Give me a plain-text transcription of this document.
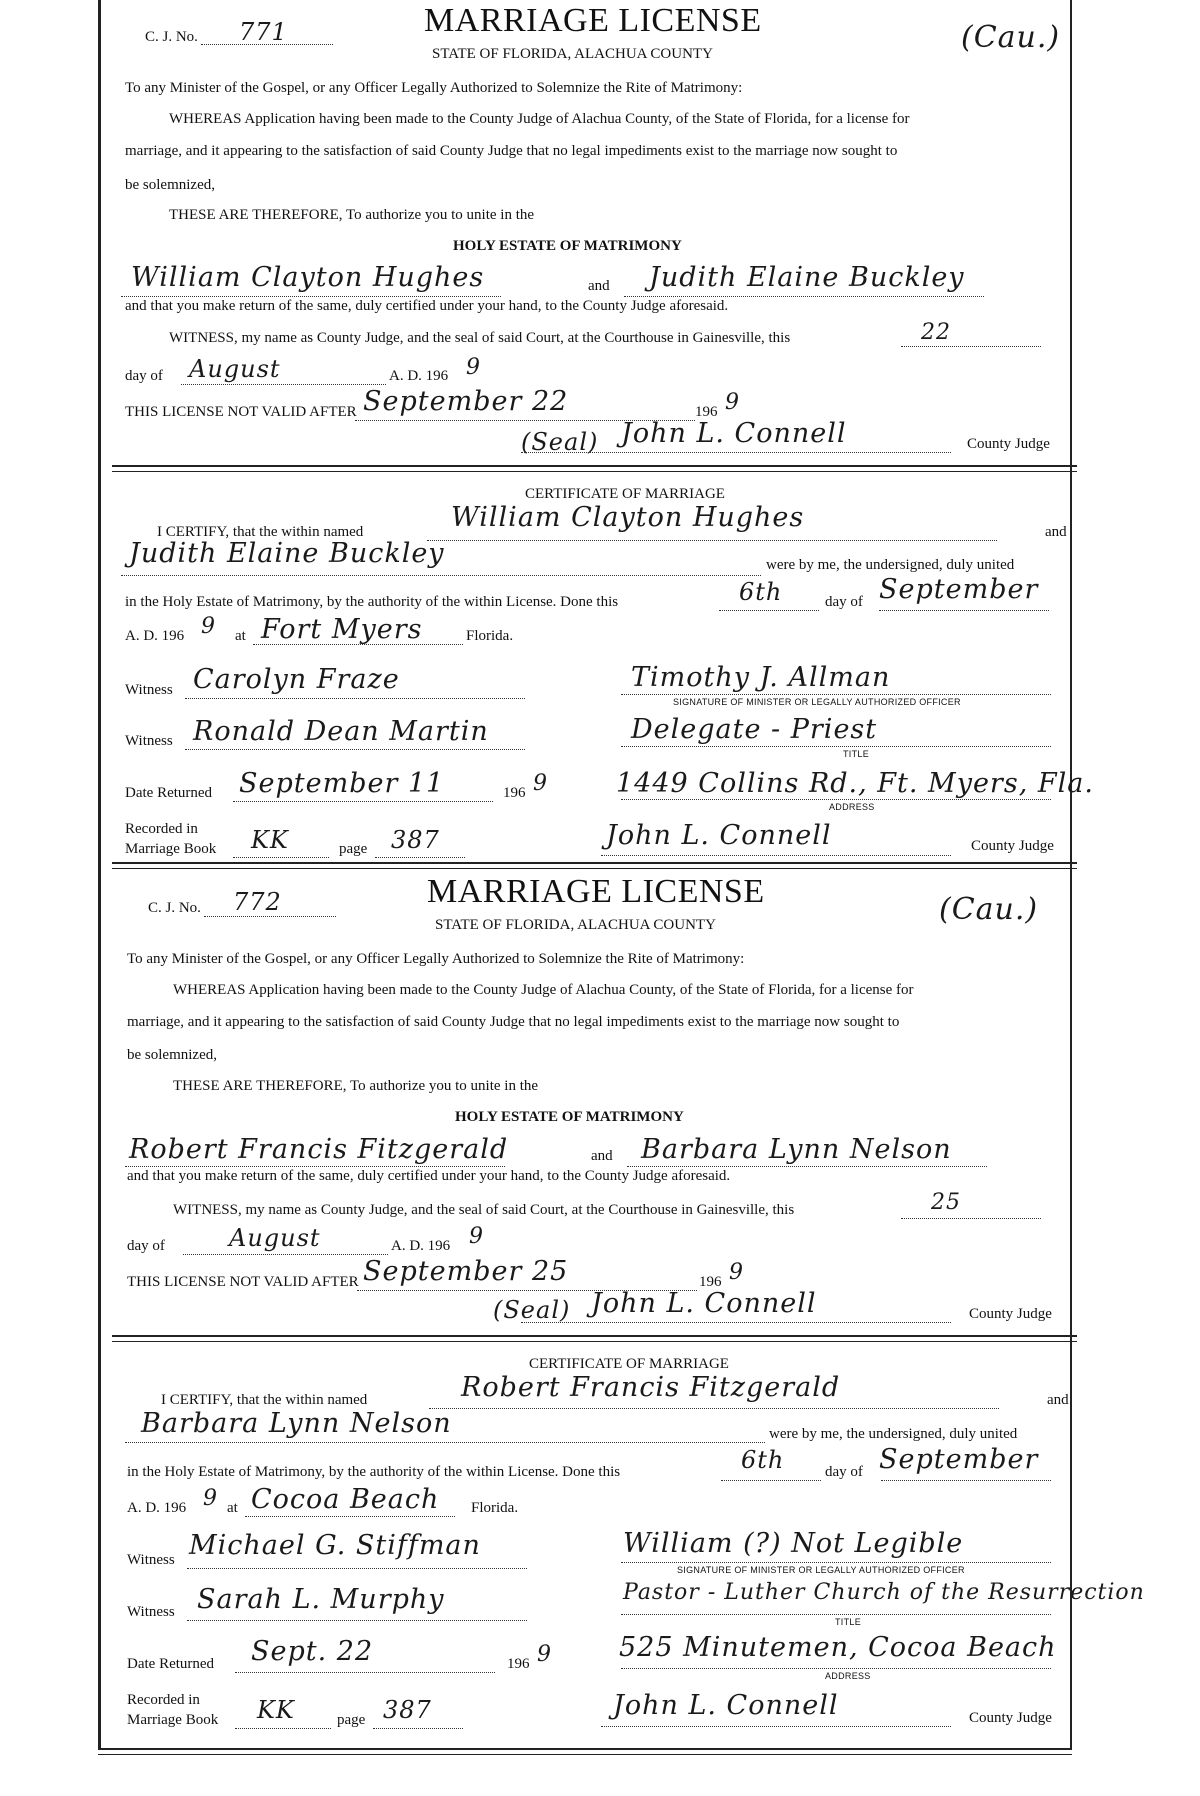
C. J. No. 771	MARRIAGE LICENSE
STATE OF FLORIDA, ALACHUA COUNTY	(Cau.)
To any Minister of the Gospel, or any Officer Legally Authorized to Solemnize the Rite of Matrimony:
WHEREAS Application having been made to the County Judge of Alachua County, of the State of Florida, for a license for
marriage, and it appearing to the satisfaction of said County Judge that no legal impediments exist to the marriage now sought to
be solemnized,
THESE ARE THEREFORE, To authorize you to unite in the
HOLY ESTATE OF MATRIMONY
William Clayton Hughes	and Judith Elaine Buckley
and that you make return of the same, duly certified under your hand, to the County Judge aforesaid.
WITNESS, my name as County Judge, and the seal of said Court, at the Courthouse in Gainesville, this	22
day of August	A. D. 196 9
THIS LICENSE NOT VALID AFTER September 22	196 9
(Seal) John L. Connell	County Judge
CERTIFICATE OF MARRIAGE
I CERTIFY, that the within named	William Clayton Hughes	and
Judith Elaine Buckley	were by me, the undersigned, duly united
in the Holy Estate of Matrimony, by the authority of the within License. Done this	6th	day of September
A. D. 196 9 at Fort Myers	Florida.
Witness Carolyn Fraze	Timothy J. Allman
SIGNATURE OF MINISTER OR LEGALLY AUTHORIZED OFFICER
Witness Ronald Dean Martin	Delegate - Priest
TITLE
Date Returned September 11	196 9	1449 Collins Rd., Ft. Myers, Fla.
ADDRESS
Recorded in
Marriage Book KK	page 387	John L. Connell	County Judge
C. J. No. 772	MARRIAGE LICENSE
STATE OF FLORIDA, ALACHUA COUNTY	(Cau.)
To any Minister of the Gospel, or any Officer Legally Authorized to Solemnize the Rite of Matrimony:
WHEREAS Application having been made to the County Judge of Alachua County, of the State of Florida, for a license for
marriage, and it appearing to the satisfaction of said County Judge that no legal impediments exist to the marriage now sought to
be solemnized,
THESE ARE THEREFORE, To authorize you to unite in the
HOLY ESTATE OF MATRIMONY
Robert Francis Fitzgerald	and Barbara Lynn Nelson
and that you make return of the same, duly certified under your hand, to the County Judge aforesaid.
WITNESS, my name as County Judge, and the seal of said Court, at the Courthouse in Gainesville, this	25
day of	August	A. D. 196 9
THIS LICENSE NOT VALID AFTER September 25	196 9
(Seal) John L. Connell	County Judge
CERTIFICATE OF MARRIAGE
I CERTIFY, that the within named	Robert Francis Fitzgerald	and
Barbara Lynn Nelson	were by me, the undersigned, duly united
in the Holy Estate of Matrimony, by the authority of the within License. Done this	6th	day of September
A. D. 196 9 at Cocoa Beach Florida.
Witness Michael G. Stiffman	William (?) Not Legible
SIGNATURE OF MINISTER OR LEGALLY AUTHORIZED OFFICER
Witness Sarah L. Murphy	Pastor - Luther Church of the Resurrection
TITLE
Date Returned Sept. 22	196 9 525 Minutemen, Cocoa Beach
ADDRESS
Recorded in
Marriage Book KK	page 387	John L. Connell	County Judge
